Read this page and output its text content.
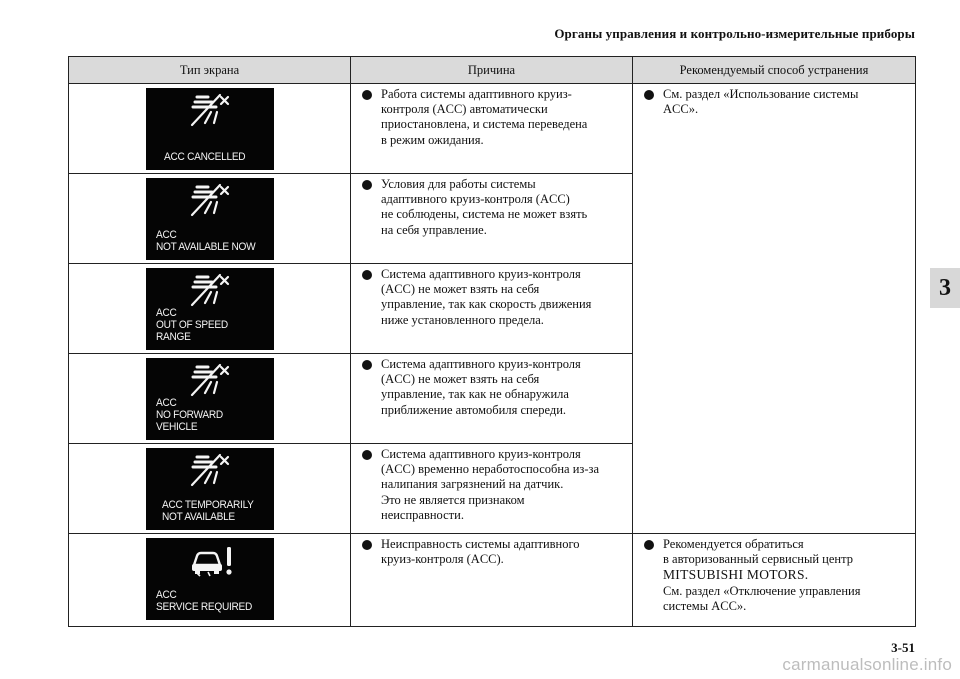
Органы управления и контрольно-измерительные приборы
3
Тип экрана	Причина	Рекомендуемый способ устранения

ACC CANCELLED	Работа системы адаптивного круиз-
контроля (ACC) автоматически
приостановлена, и система переведена
в режим ожидания.	См. раздел «Использование системы
ACC».

ACC
NOT AVAILABLE NOW	Условия для работы системы
адаптивного круиз-контроля (ACC)
не соблюдены, система не может взять
на себя управление.	

ACC
OUT OF SPEED RANGE	Система адаптивного круиз-контроля
(ACC) не может взять на себя
управление, так как скорость движения
ниже установленного предела.	

ACC
NO FORWARD VEHICLE	Система адаптивного круиз-контроля
(ACC) не может взять на себя
управление, так как не обнаружила
приближение автомобиля спереди.	

ACC TEMPORARILY
NOT AVAILABLE	Система адаптивного круиз-контроля
(ACC) временно неработоспособна из-за
налипания загрязнений на датчик.
Это не является признаком
неисправности.	

ACC
SERVICE REQUIRED	Неисправность системы адаптивного
круиз-контроля (ACC).	Рекомендуется обратиться
в авторизованный сервисный центр
MITSUBISHI MOTORS.
См. раздел «Отключение управления
системы ACC».
3-51
carmanualsonline.info
